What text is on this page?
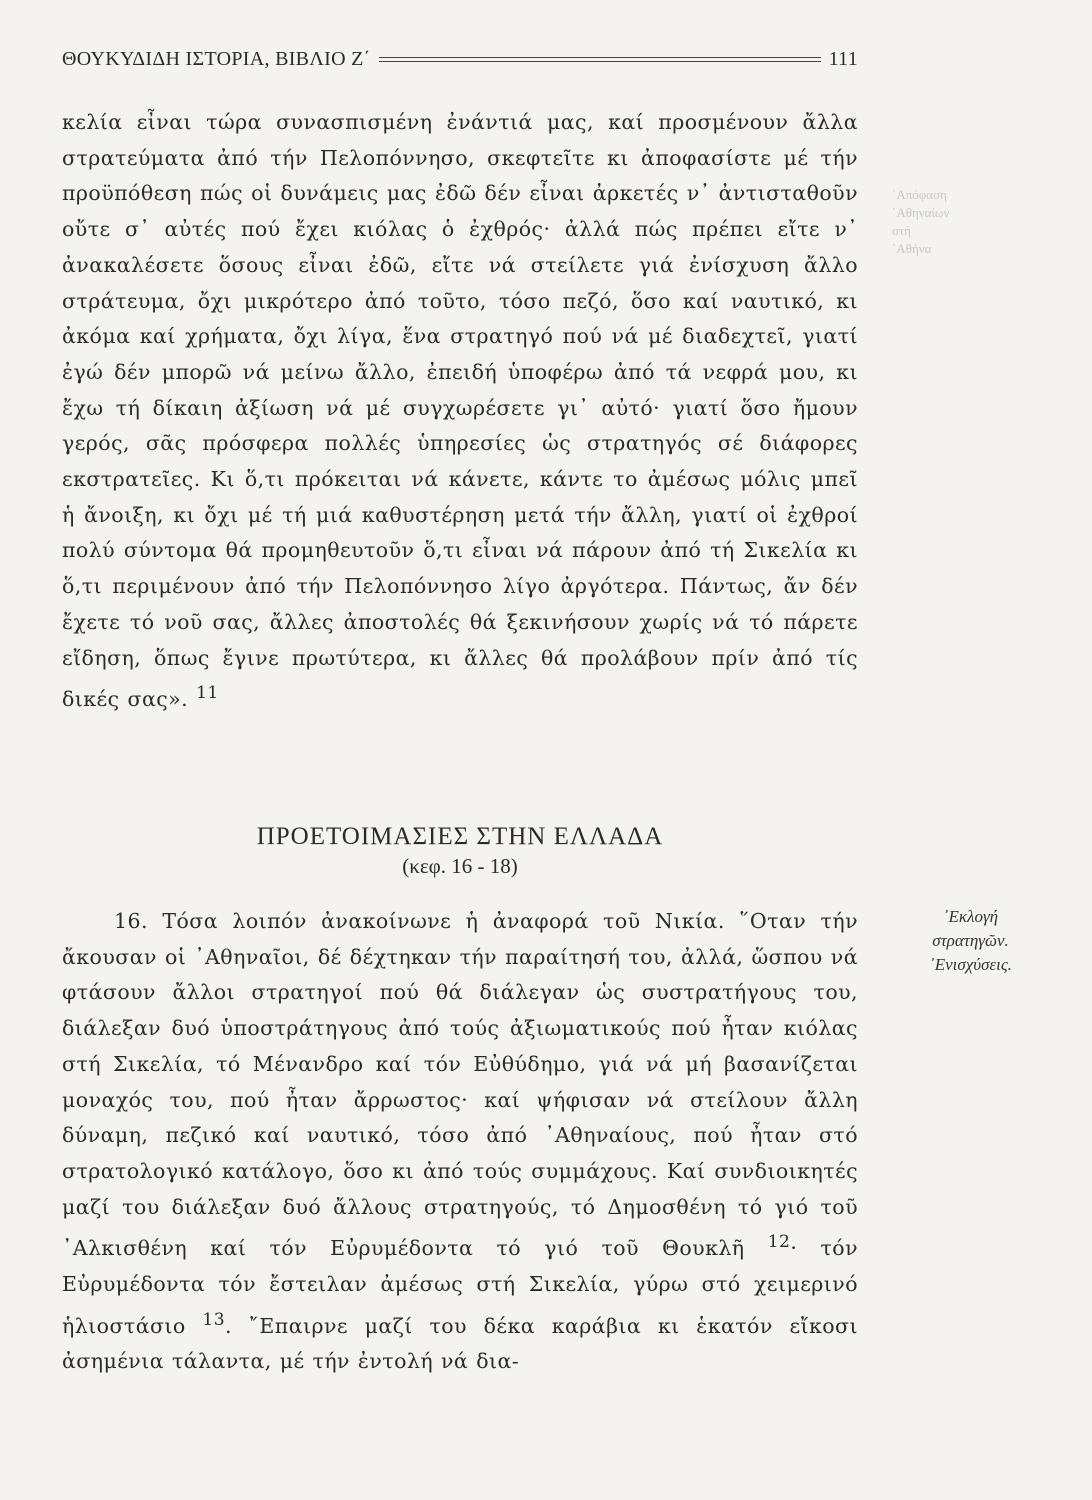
ΘΟΥΚΥΔΙΔΗ ΙΣΤΟΡΙΑ, ΒΙΒΛΙΟ Ζ΄	111
᾿Απόφαση
᾿Αθηναίων
στή
᾿Αθήνα

κελία εἶναι τώρα συνασπισμένη ἐνάντιά μας, καί προσμένουν ἄλλα στρατεύματα ἀπό τήν Πελοπόννησο, σκεφτεῖτε κι ἀποφασίστε μέ τήν προϋπόθεση πώς οἱ δυνάμεις μας ἐδῶ δέν εἶναι ἀρκετές ν᾿ ἀντισταθοῦν οὔτε σ᾿ αὐτές πού ἔχει κιόλας ὁ ἐχθρός· ἀλλά πώς πρέπει εἴτε ν᾿ ἀνακαλέσετε ὅσους εἶναι ἐδῶ, εἴτε νά στείλετε γιά ἐνίσχυση ἄλλο στράτευμα, ὄχι μικρότερο ἀπό τοῦτο, τόσο πεζό, ὅσο καί ναυτικό, κι ἀκόμα καί χρήματα, ὄχι λίγα, ἕνα στρατηγό πού νά μέ διαδεχτεῖ, γιατί ἐγώ δέν μπορῶ νά μείνω ἄλλο, ἐπειδή ὑποφέρω ἀπό τά νεφρά μου, κι ἔχω τή δίκαιη ἀξίωση νά μέ συγχωρέσετε γι᾿ αὐτό· γιατί ὅσο ἤμουν γερός, σᾶς πρόσφερα πολλές ὑπηρεσίες ὡς στρατηγός σέ διάφορες εκστρατεῖες. Κι ὅ,τι πρόκειται νά κάνετε, κάντε το ἀμέσως μόλις μπεῖ ἡ ἄνοιξη, κι ὄχι μέ τή μιά καθυστέρηση μετά τήν ἄλλη, γιατί οἱ ἐχθροί πολύ σύντομα θά προμηθευτοῦν ὅ,τι εἶναι νά πάρουν ἀπό τή Σικελία κι ὅ,τι περιμένουν ἀπό τήν Πελοπόννησο λίγο ἀργότερα. Πάντως, ἄν δέν ἔχετε τό νοῦ σας, ἄλλες ἀποστολές θά ξεκινήσουν χωρίς νά τό πάρετε εἴδηση, ὅπως ἔγινε πρωτύτερα, κι ἄλλες θά προλάβουν πρίν ἀπό τίς δικές σας». $^{11}$

ΠΡΟΕΤΟΙΜΑΣΙΕΣ ΣΤΗΝ ΕΛΛΑΔΑ
(κεφ. 16 - 18)

16. Τόσα λοιπόν ἀνακοίνωνε ἡ ἀναφορά τοῦ Νικία. ῞Οταν τήν ἄκουσαν οἱ ᾿Αθηναῖοι, δέ δέχτηκαν τήν παραίτησή του, ἀλλά, ὥσπου νά φτάσουν ἄλλοι στρατηγοί πού θά διάλεγαν ὡς συστρατήγους του, διάλεξαν δυό ὑποστράτηγους ἀπό τούς ἀξιωματικούς πού ἦταν κιόλας στή Σικελία, τό Μένανδρο καί τόν Εὐθύδημο, γιά νά μή βασανίζεται μοναχός του, πού ἦταν ἄρρωστος· καί ψήφισαν νά στείλουν ἄλλη δύναμη, πεζικό καί ναυτικό, τόσο ἀπό ᾿Αθηναίους, πού ἦταν στό στρατολογικό κατάλογο, ὅσο κι ἀπό τούς συμμάχους. Καί συνδιοικητές μαζί του διάλεξαν δυό ἄλλους στρατηγούς, τό Δημοσθένη τό γιό τοῦ ᾿Αλκισθένη καί τόν Εὐρυμέδοντα τό γιό τοῦ Θουκλῆ $^{12}$· τόν Εὐρυμέδοντα τόν ἔστειλαν ἀμέσως στή Σικελία, γύρω στό χειμερινό ἡλιοστάσιο $^{13}$. ῎Επαιρνε μαζί του δέκα καράβια κι ἑκατόν εἴκοσι ἀσημένια τάλαντα, μέ τήν ἐντολή νά δια-

᾿Εκλογή
στρατηγῶν.
᾿Ενισχύσεις.
